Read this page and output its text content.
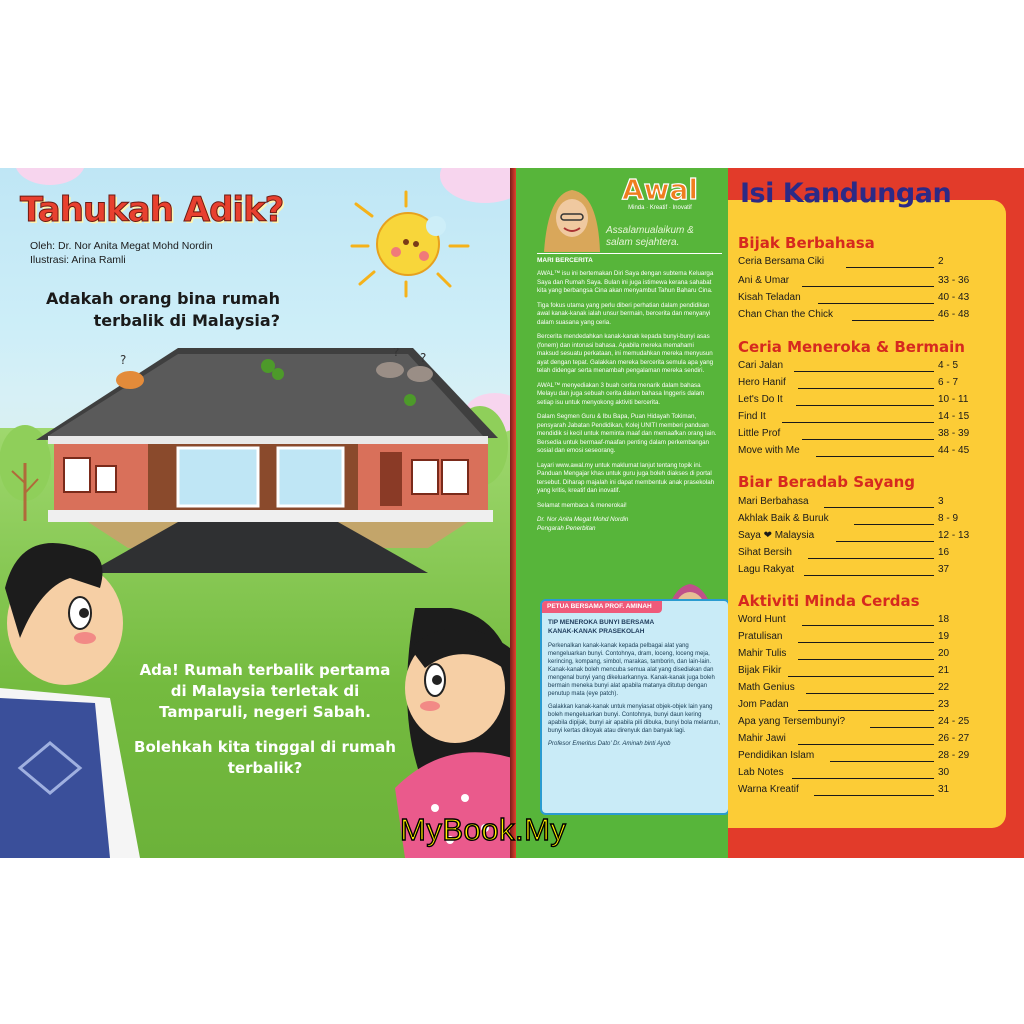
?
? ?
Tahukah Adik?
Oleh: Dr. Nor Anita Megat Mohd Nordin
Ilustrasi: Arina Ramli
Adakah orang bina rumah
terbalik di Malaysia?
Ada! Rumah terbalik pertama
di Malaysia terletak di
Tamparuli, negeri Sabah.
Bolehkah kita tinggal di rumah
terbalik?
Awal
Minda · Kreatif · Inovatif
Assalamualaikum &
salam sejahtera.
MARI BERCERITA

AWAL™ isu ini bertemakan Diri Saya dengan subtema Keluarga Saya dan Rumah Saya. Bulan ini juga istimewa kerana sahabat kita yang berbangsa Cina akan menyambut Tahun Baharu Cina.

Tiga fokus utama yang perlu diberi perhatian dalam pendidikan awal kanak-kanak ialah unsur bermain, bercerita dan menyanyi dalam suasana yang ceria.

Bercerita mendedahkan kanak-kanak kepada bunyi-bunyi asas (fonem) dan intonasi bahasa. Apabila mereka memahami maksud sesuatu perkataan, ini memudahkan mereka menyusun ayat dengan tepat. Galakkan mereka bercerita semula apa yang telah didengar serta menambah pengalaman mereka sendiri.

AWAL™ menyediakan 3 buah cerita menarik dalam bahasa Melayu dan juga sebuah cerita dalam bahasa Inggeris dalam setiap isu untuk menyokong aktiviti bercerita.

Dalam Segmen Guru & Ibu Bapa, Puan Hidayah Tokiman, pensyarah Jabatan Pendidikan, Kolej UNITI memberi panduan mendidik si kecil untuk meminta maaf dan memaafkan orang lain. Bersedia untuk bermaaf-maafan penting dalam perkembangan sosial dan emosi seseorang.

Layari www.awal.my untuk maklumat lanjut tentang topik ini. Panduan Mengajar khas untuk guru juga boleh diakses di portal tersebut. Diharap majalah ini dapat membentuk anak prasekolah yang kritis, kreatif dan inovatif.

Selamat membaca & menerokai!

Dr. Nor Anita Megat Mohd Nordin

Pengarah Penerbitan

PETUA BERSAMA PROF. AMINAH
TIP MENEROKA BUNYI BERSAMA
KANAK-KANAK PRASEKOLAH

Perkenalkan kanak-kanak kepada pelbagai alat yang mengeluarkan bunyi. Contohnya, dram, loceng, loceng meja, kerincing, kompang, simbol, marakas, tamborin, dan lain-lain. Kanak-kanak boleh mencuba semua alat yang disediakan dan mengenal bunyi yang dikeluarkannya. Kanak-kanak juga boleh bermain meneka bunyi alat apabila matanya ditutup dengan penutup mata (eye patch).

Galakkan kanak-kanak untuk menyiasat objek-objek lain yang boleh mengeluarkan bunyi. Contohnya, bunyi daun kering apabila dipijak, bunyi air apabila pili dibuka, bunyi bola melantun, bunyi kertas dikoyak atau direnyuk dan banyak lagi.

Profesor Emeritus Dato' Dr. Aminah binti Ayob

Isi Kandungan
Bijak Berbahasa
Ceria Bersama Ciki	2
Ani & Umar	33 - 36
Kisah Teladan	40 - 43
Chan Chan the Chick	46 - 48
Ceria Meneroka & Bermain
Cari Jalan	4 - 5
Hero Hanif	6 - 7
Let's Do It	10 - 11
Find It	14 - 15
Little Prof	38 - 39
Move with Me	44 - 45
Biar Beradab Sayang
Mari Berbahasa	3
Akhlak Baik & Buruk	8 - 9
Saya ❤ Malaysia	12 - 13
Sihat Bersih	16
Lagu Rakyat	37
Aktiviti Minda Cerdas
Word Hunt	18
Pratulisan	19
Mahir Tulis	20
Bijak Fikir	21
Math Genius	22
Jom Padan	23
Apa yang Tersembunyi?	24 - 25
Mahir Jawi	26 - 27
Pendidikan Islam	28 - 29
Lab Notes	30
Warna Kreatif	31
MyBook.My
